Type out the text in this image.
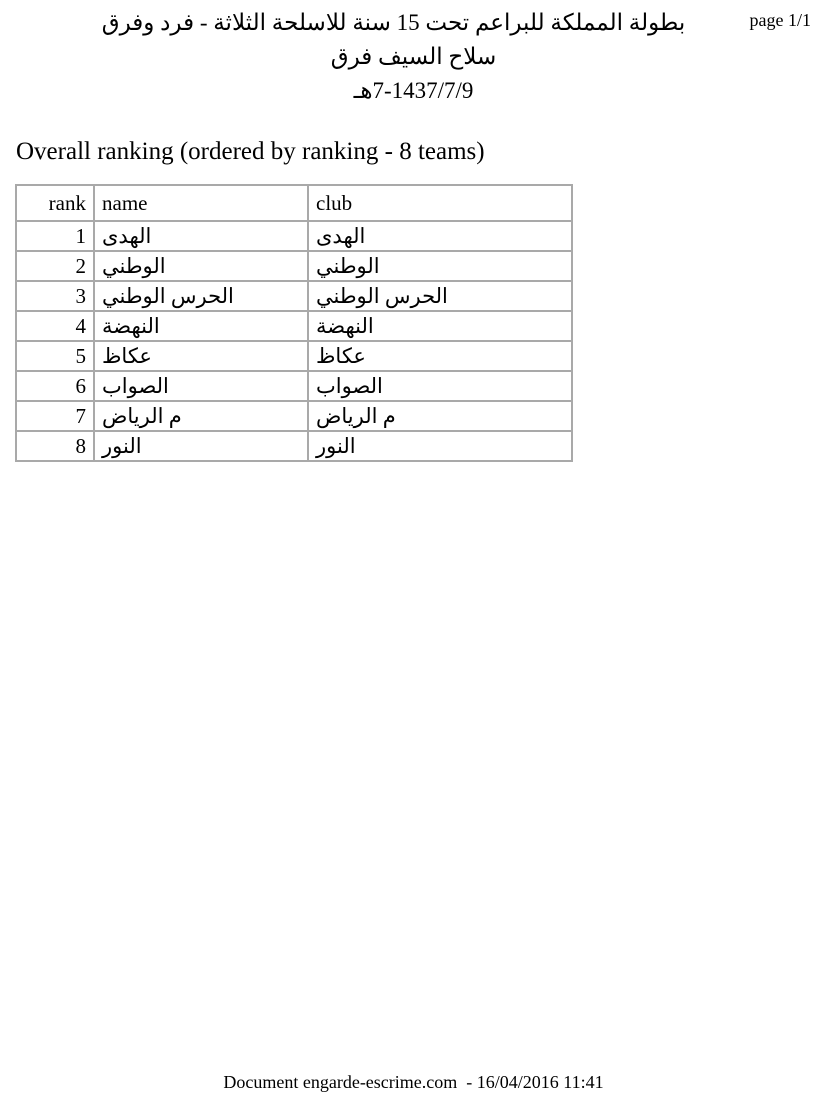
page 1/1
بطولة المملكة للبراعم تحت 15 سنة للاسلحة الثلاثة - فرد وفرق
سلاح السيف فرق
7-1437/7/9هـ
Overall ranking (ordered by ranking - 8 teams)
rank	name	club
1	الهدى	الهدى
2	الوطني	الوطني
3	الحرس الوطني	الحرس الوطني
4	النهضة	النهضة
5	عكاظ	عكاظ
6	الصواب	الصواب
7	م الرياض	م الرياض
8	النور	النور
Document engarde-escrime.com  - 16/04/2016 11:41
